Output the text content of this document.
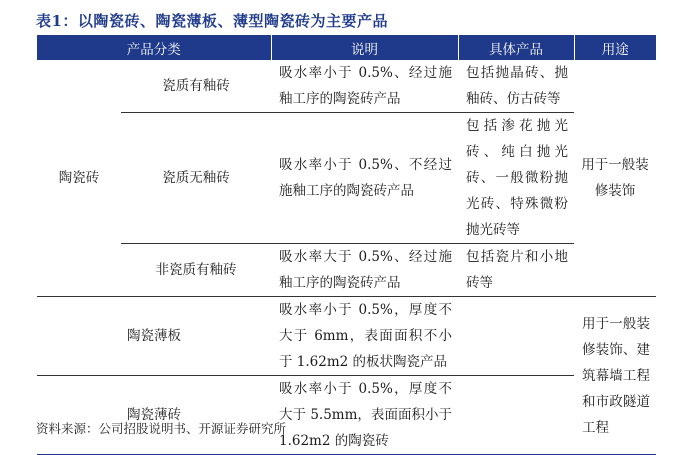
表1：以陶瓷砖、陶瓷薄板、薄型陶瓷砖为主要产品
产品分类		说明	具体产品	用途
陶瓷砖	瓷质有釉砖	吸水率小于 0.5%、经过施釉工序的陶瓷砖产品	包括抛晶砖、抛釉砖、仿古砖等	用于一般装修装饰
	瓷质无釉砖	吸水率小于 0.5%、不经过施釉工序的陶瓷砖产品	包括渗花抛光砖、纯白抛光砖、一般微粉抛光砖、特殊微粉抛光砖等	
	非瓷质有釉砖	吸水率大于 0.5%、经过施釉工序的陶瓷砖产品	包括瓷片和小地砖等	
陶瓷薄板		吸水率小于 0.5%，厚度不大于 6mm，表面面积不小于 1.62m2 的板状陶瓷产品		用于一般装修装饰、建筑幕墙工程和市政隧道工程
陶瓷薄砖		吸水率小于 0.5%，厚度不大于 5.5mm，表面面积小于 1.62m2 的陶瓷砖		
资料来源：公司招股说明书、开源证券研究所
